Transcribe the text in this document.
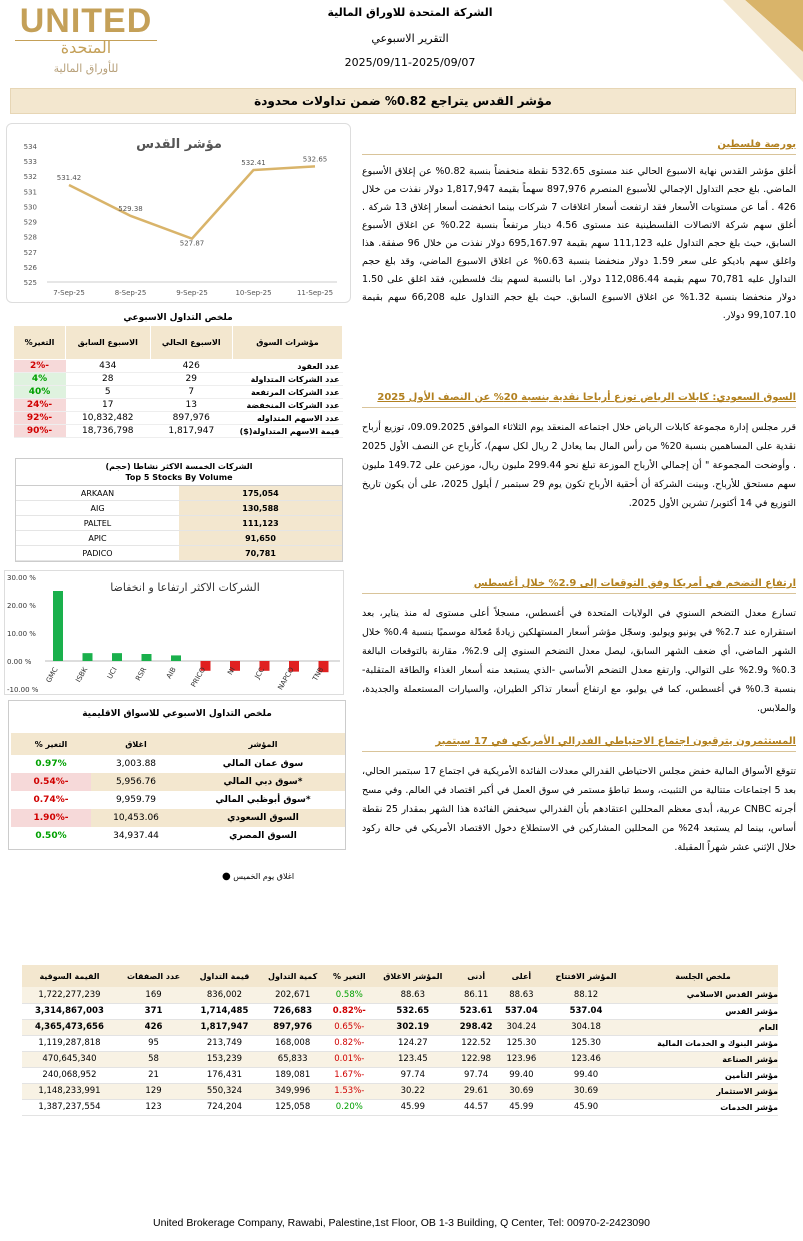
UNITED
المتحدة
للأوراق المالية
الشركة المتحدة للاوراق المالية
التقرير الاسبوعي
2025/09/11-2025/09/07
مؤشر القدس يتراجع 0.82% ضمن تداولات محدودة
مؤشر القدس
525
526
527
528
529
530
531
532
533
534
7-Sep-25	8-Sep-25	9-Sep-25	10-Sep-25	11-Sep-25
531.42
529.38
527.87
532.41	532.65
ملخص التداول الاسبوعي
مؤشرات السوق	الاسبوع الحالي	الاسبوع السابق	التغير%
عدد العقود	426	434	-2%
عدد الشركات المتداولة	29	28	4%
عدد الشركات المرتفعة	7	5	40%
عدد الشركات المنخفضة	13	17	-24%
عدد الاسهم المتداوله	897,976	10,832,482	-92%
قيمة الاسهم المتداولة($)	1,817,947	18,736,798	-90%
الشركات الخمسة الاكثر نشاطا (حجم)
Top 5 Stocks By Volume
ARKAAN	175,054
AIG	130,588
PALTEL	111,123
APIC	91,650
PADICO	70,781
30.00 %
20.00 %
10.00 %
0.00 %
-10.00 %
الشركات الاكثر ارتفاعا و انخفاضا
GMC ISBK UCI RSR AIB PRICO	NI JCC NAPCO TNB
ملخص التداول الاسبوعي للاسواق الاقليمية
المؤشر	اغلاق	التغير %
سوق عمان المالي	3,003.88	0.97%
*سوق دبي المالي	5,956.76	-0.54%
*سوق أبوظبي المالي	9,959.79	-0.74%
السوق السعودي	10,453.06	-1.90%
السوق المصري	34,937.44	0.50%
اغلاق يوم الخميس ●
بورصة فلسطين
أغلق مؤشر القدس نهاية الاسبوع الحالي عند مستوى 532.65 نقطة منخفضاً بنسبة 0.82% عن إغلاق الأسبوع الماضي. بلغ حجم التداول الإجمالي للأسبوع المنصرم 897,976 سهماً بقيمة 1,817,947 دولار نفذت من خلال 426 . أما عن مستويات الأسعار فقد ارتفعت أسعار اغلاقات 7 شركات بينما انخفضت أسعار إغلاق 13 شركة . أغلق سهم شركة الاتصالات الفلسطينية عند مستوى 4.56 دينار مرتفعاً بنسبة 0.22% عن اغلاق الأسبوع السابق، حيث بلغ حجم التداول عليه 111,123 سهم بقيمة 695,167.97 دولار نفذت من خلال 96 صفقة. هذا واغلق سهم باديكو على سعر 1.59 دولار منخفضا بنسبة 0.63% عن اغلاق الاسبوع الماضي، وقد بلغ حجم التداول عليه 70,781 سهم بقيمة 112,086.44 دولار. اما بالنسبة لسهم بنك فلسطين، فقد اغلق على 1.50 دولار منخفضا بنسبة 1.32% عن اغلاق الاسبوع السابق. حيث بلغ حجم التداول عليه 66,208 سهم بقيمة 99,107.10 دولار.
السوق السعودي: كابلات الرياض توزع أرباحا نقدية بنسبة 20% عن النصف الأول 2025
قرر مجلس إدارة مجموعة كابلات الرياض خلال اجتماعه المنعقد يوم الثلاثاء الموافق 09.09.2025، توزيع أرباح نقدية على المساهمين بنسبة 20% من رأس المال بما يعادل 2 ريال لكل سهم)، كأرباح عن النصف الأول 2025 . وأوضحت المجموعة " أن إجمالي الأرباح الموزعة تبلغ نحو 299.44 مليون ريال، موزعين على 149.72 مليون سهم مستحق للأرباح. وبينت الشركة أن أحقية الأرباح تكون يوم 29 سبتمبر / أيلول 2025، على أن يكون تاريخ التوزيع في 14 أكتوبر/ تشرين الأول 2025.
ارتفاع التضخم في أمريكا وفق التوقعات إلى 2.9% خلال أغسطس
تسارع معدل التضخم السنوي في الولايات المتحدة في أغسطس، مسجلاً أعلى مستوى له منذ يناير، بعد استقراره عند 2.7% في يونيو ويوليو. وسجّل مؤشر أسعار المستهلكين زيادةً مُعدّلة موسميًا بنسبة 0.4% خلال الشهر الماضي، أي ضعف الشهر السابق، ليصل معدل التضخم السنوي إلى 2.9%، مقارنة بالتوقعات البالغة 0.3% و2.9% على التوالي. وارتفع معدل التضخم الأساسي -الذي يستبعد منه أسعار الغذاء والطاقة المتقلبة- بنسبة 0.3% في أغسطس، كما في يوليو، مع ارتفاع أسعار تذاكر الطيران، والسيارات المستعملة والجديدة، والملابس.
المستثمرون يترقبون اجتماع الاحتياطي الفدرالي الأمريكي في 17 سبتمبر
تتوقع الأسواق المالية خفض مجلس الاحتياطي الفدرالي معدلات الفائدة الأمريكية في اجتماع 17 سبتمبر الحالي، بعد 5 اجتماعات متتالية من التثبيت، وسط تباطؤ مستمر في سوق العمل في أكبر اقتصاد في العالم. وفي مسح أجرته CNBC عربية، أبدى معظم المحللين اعتقادهم بأن الفدرالي سيخفض الفائدة هذا الشهر بمقدار 25 نقطة أساس، بينما لم يستبعد 24% من المحللين المشاركين في الاستطلاع دخول الاقتصاد الأمريكي في حالة ركود خلال الإثني عشر شهراً المقبلة.
ملخص الجلسة	المؤشر الافتتاح	أعلى	أدنى	المؤشر الاغلاق	التغير %	كمية التداول	قيمة التداول	عدد الصفقات	القيمة السوقية
مؤشر القدس الاسلامي	88.12	88.63	86.11	88.63	0.58%	202,671	836,002	169	1,722,277,239
مؤشر القدس	537.04	537.04	523.61	532.65	-0.82%	726,683	1,714,485	371	3,314,867,003
العام	304.18	304.24	298.42	302.19	-0.65%	897,976	1,817,947	426	4,365,473,656
مؤشر البنوك و الخدمات المالية	125.30	125.30	122.52	124.27	-0.82%	168,008	213,749	95	1,119,287,818
مؤشر الصناعة	123.46	123.96	122.98	123.45	-0.01%	65,833	153,239	58	470,645,340
مؤشر التأمين	99.40	99.40	97.74	97.74	-1.67%	189,081	176,431	21	240,068,952
مؤشر الاستثمار	30.69	30.69	29.61	30.22	-1.53%	349,996	550,324	129	1,148,233,991
مؤشر الخدمات	45.90	45.99	44.57	45.99	0.20%	125,058	724,204	123	1,387,237,554
United Brokerage Company, Rawabi, Palestine,1st Floor, OB 1-3 Building, Q Center, Tel: 00970-2-2423090
